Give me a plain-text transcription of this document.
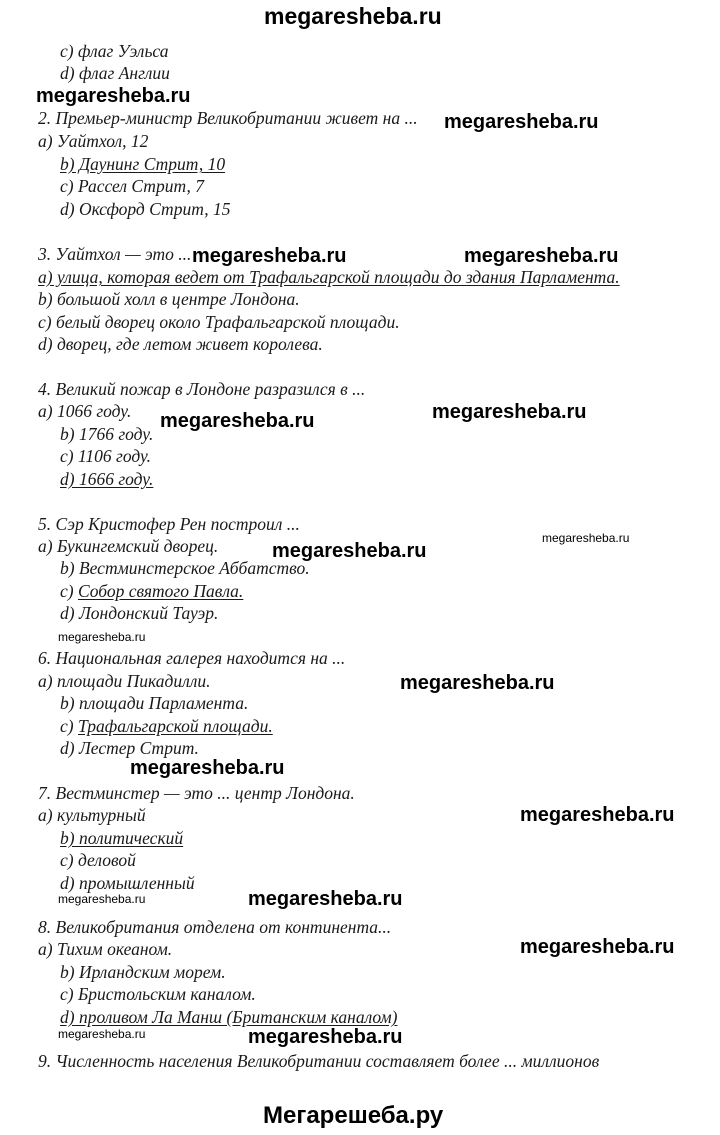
megaresheba.ru
c) флаг Уэльса
d) флаг Англии
megaresheba.ru
2. Премьер-министр Великобритании живет на ... megaresheba.ru
a) Уайтхол, 12
b) Даунинг Стрит, 10
c) Рассел Стрит, 7
d) Оксфорд Стрит, 15
3. Уайтхол — это ... megaresheba.ru	megaresheba.ru
a) улица, которая ведет от Трафальгарской площади до здания Парламента.
b) большой холл в центре Лондона.
c) белый дворец около Трафальгарской площади.
d) дворец, где летом живет королева.
4. Великий пожар в Лондоне разразился в ...
a) 1066 году. megaresheba.ru	megaresheba.ru
b) 1766 году.
c) 1106 году.
d) 1666 году.
5. Сэр Кристофер Рен построил ...
megaresheba.ru
a) Букингемский дворец.	megaresheba.ru
b) Вестминстерское Аббатство.
c) Собор святого Павла.
d) Лондонский Тауэр.
megaresheba.ru
6. Национальная галерея находится на ...
a) площади Пикадилли.	megaresheba.ru
b) площади Парламента.
c) Трафальгарской площади.
d) Лестер Стрит.
megaresheba.ru
7. Вестминстер — это ... центр Лондона.
a) культурный	megaresheba.ru
b) политический
c) деловой
d) промышленный
megaresheba.ru	megaresheba.ru
8. Великобритания отделена от континента...
a) Тихим океаном.	megaresheba.ru
b) Ирландским морем.
c) Бристольским каналом.
d) проливом Ла Манш (Британским каналом)
megaresheba.ru	megaresheba.ru
9. Численность населения Великобритании составляет более ... миллионов
Мегарешеба.ру
